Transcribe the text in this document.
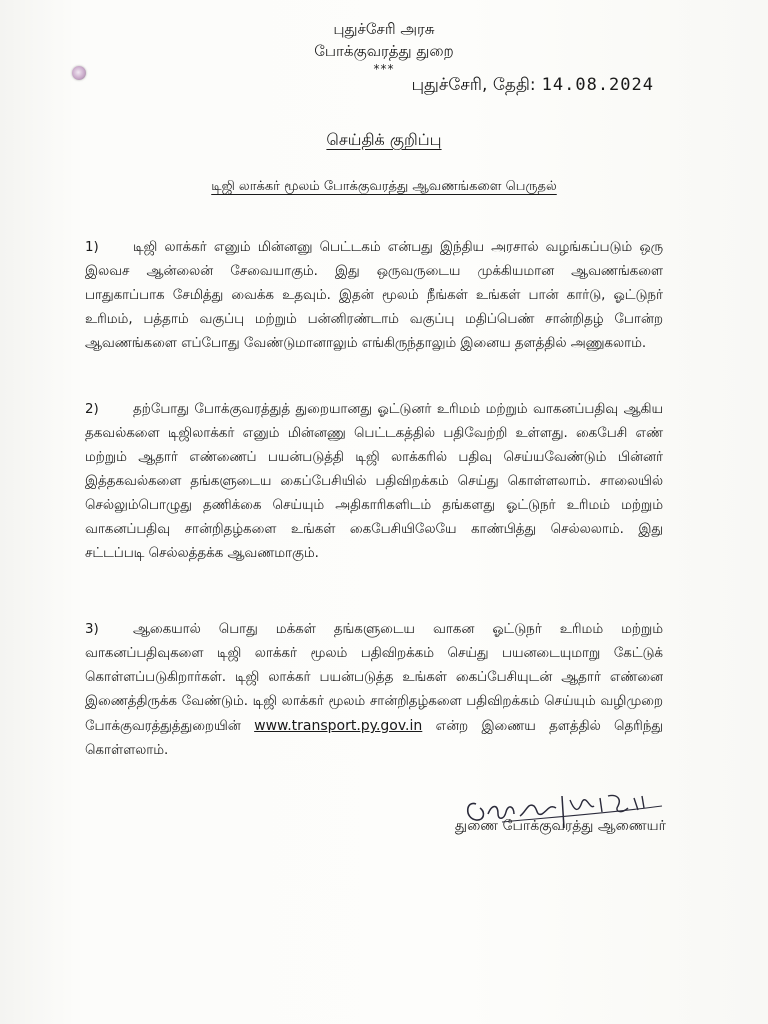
புதுச்சேரி அரசு
போக்குவரத்து துறை
***
புதுச்சேரி, தேதி: 14.08.2024
செய்திக் குறிப்பு
டிஜி லாக்கர் மூலம் போக்குவரத்து ஆவணங்களை பெருதல்
1)	டிஜி லாக்கர் எனும் மின்னனு பெட்டகம் என்பது இந்திய அரசால் வழங்கப்படும் ஒரு இலவச ஆன்லைன் சேவையாகும். இது ஒருவருடைய முக்கியமான ஆவணங்களை பாதுகாப்பாக சேமித்து வைக்க உதவும். இதன் மூலம் நீங்கள் உங்கள் பான் கார்டு, ஓட்டுநர் உரிமம், பத்தாம் வகுப்பு மற்றும் பன்னிரண்டாம் வகுப்பு மதிப்பெண் சான்றிதழ் போன்ற ஆவணங்களை எப்போது வேண்டுமானாலும் எங்கிருந்தாலும் இனைய தளத்தில் அணுகலாம்.
2)	தற்போது போக்குவரத்துத் துறையானது ஓட்டுனர் உரிமம் மற்றும் வாகனப்பதிவு ஆகிய தகவல்களை டிஜிலாக்கர் எனும் மின்னணு பெட்டகத்தில் பதிவேற்றி உள்ளது. கைபேசி எண் மற்றும் ஆதார் எண்ணைப் பயன்படுத்தி டிஜி லாக்கரில் பதிவு செய்யவேண்டும் பின்னர் இத்தகவல்களை தங்களுடைய கைப்பேசியில் பதிவிறக்கம் செய்து கொள்ளலாம். சாலையில் செல்லும்பொழுது தணிக்கை செய்யும் அதிகாரிகளிடம் தங்களது ஓட்டுநர் உரிமம் மற்றும் வாகனப்பதிவு சான்றிதழ்களை உங்கள் கைபேசியிலேயே காண்பித்து செல்லலாம். இது சட்டப்படி செல்லத்தக்க ஆவணமாகும்.
3)	ஆகையால் பொது மக்கள் தங்களுடைய வாகன ஓட்டுநர் உரிமம் மற்றும் வாகனப்பதிவுகளை டிஜி லாக்கர் மூலம் பதிவிறக்கம் செய்து பயனடையுமாறு கேட்டுக் கொள்ளப்படுகிறார்கள். டிஜி லாக்கர் பயன்படுத்த உங்கள் கைப்பேசியுடன் ஆதார் எண்னை இணைத்திருக்க வேண்டும். டிஜி லாக்கர் மூலம் சான்றிதழ்களை பதிவிறக்கம் செய்யும் வழிமுறை போக்குவரத்துத்துறையின் www.transport.py.gov.in என்ற இணைய தளத்தில் தெரிந்து கொள்ளலாம்.
துணை போக்குவரத்து ஆணையர்
